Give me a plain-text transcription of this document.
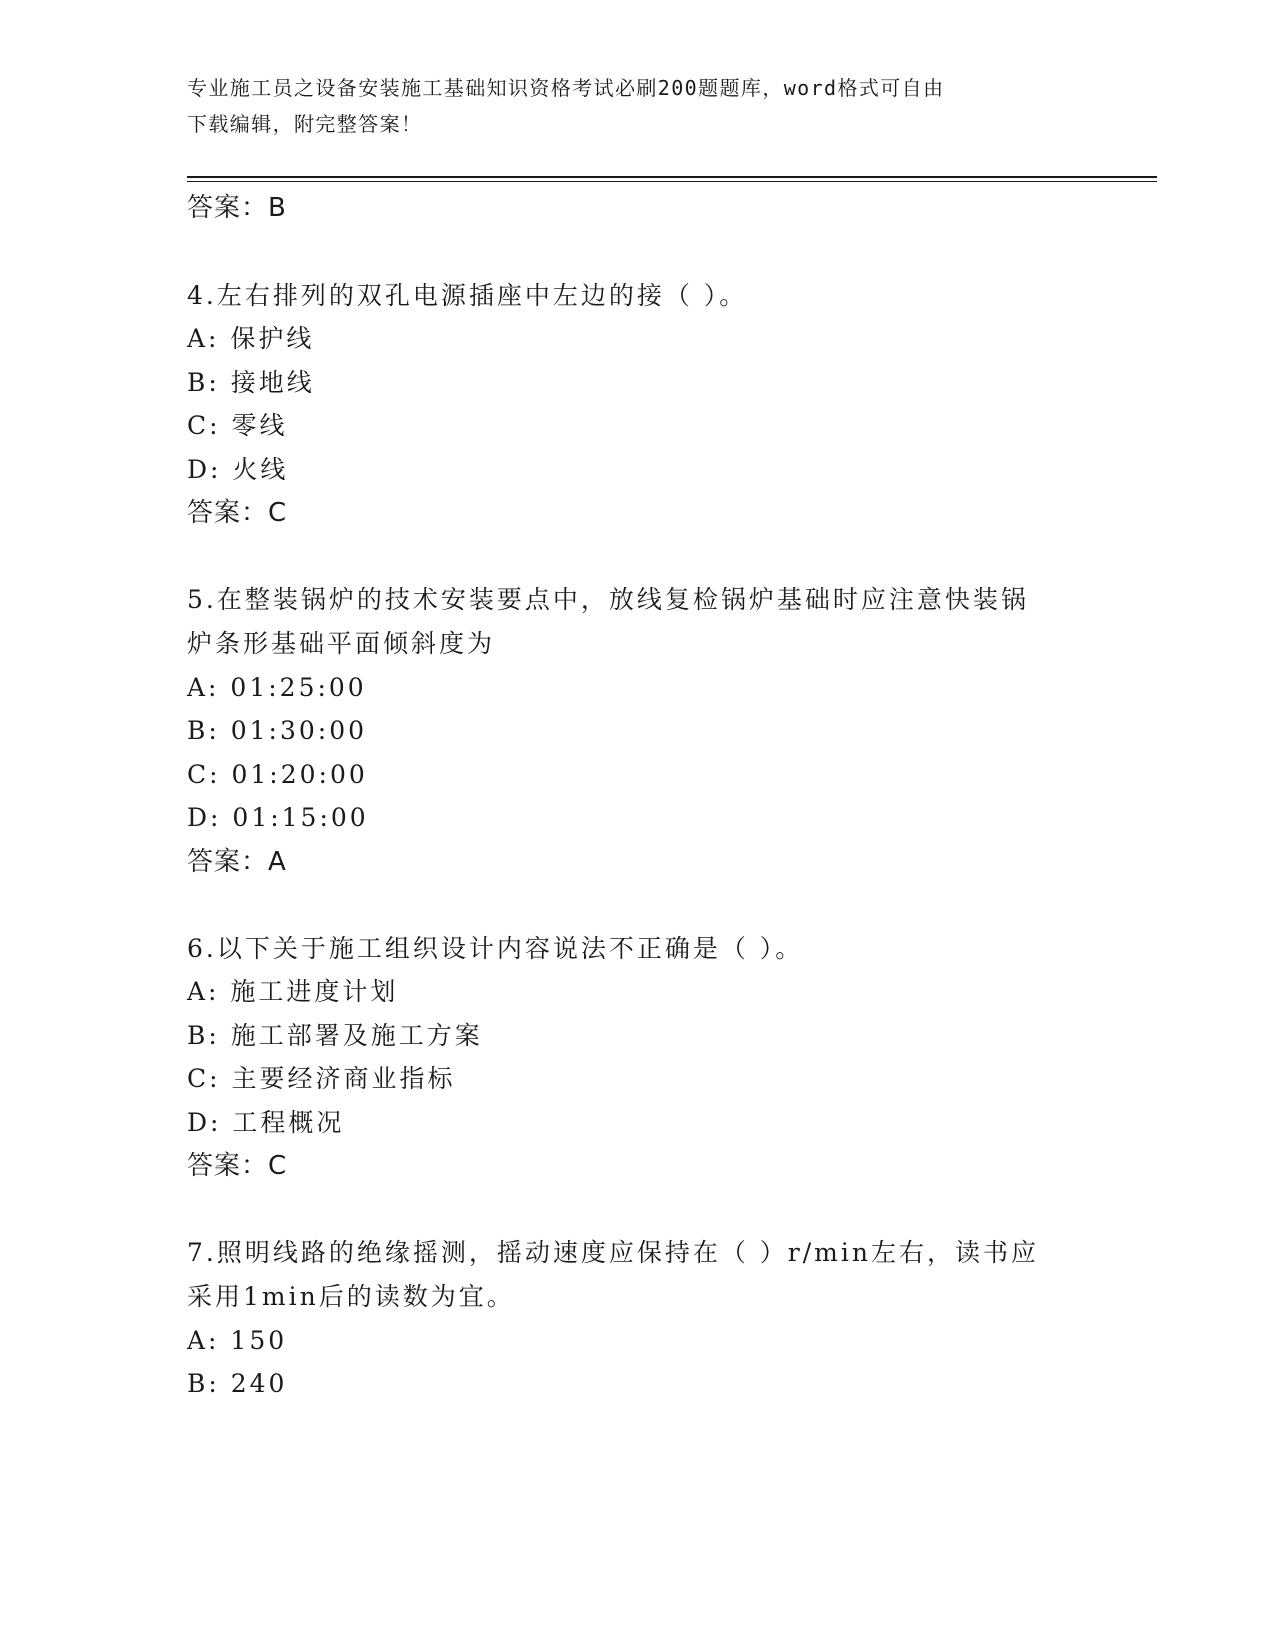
专业施工员之设备安装施工基础知识资格考试必刷200题题库，word格式可自由
下载编辑，附完整答案！
答案：B
4.左右排列的双孔电源插座中左边的接（ ）。
A: 保护线
B: 接地线
C: 零线
D: 火线
答案：C
5.在整装锅炉的技术安装要点中，放线复检锅炉基础时应注意快装锅
炉条形基础平面倾斜度为
A: 01:25:00
B: 01:30:00
C: 01:20:00
D: 01:15:00
答案：A
6.以下关于施工组织设计内容说法不正确是（ ）。
A: 施工进度计划
B: 施工部署及施工方案
C: 主要经济商业指标
D: 工程概况
答案：C
7.照明线路的绝缘摇测，摇动速度应保持在（ ）r/min左右，读书应
采用1min后的读数为宜。
A: 150
B: 240
